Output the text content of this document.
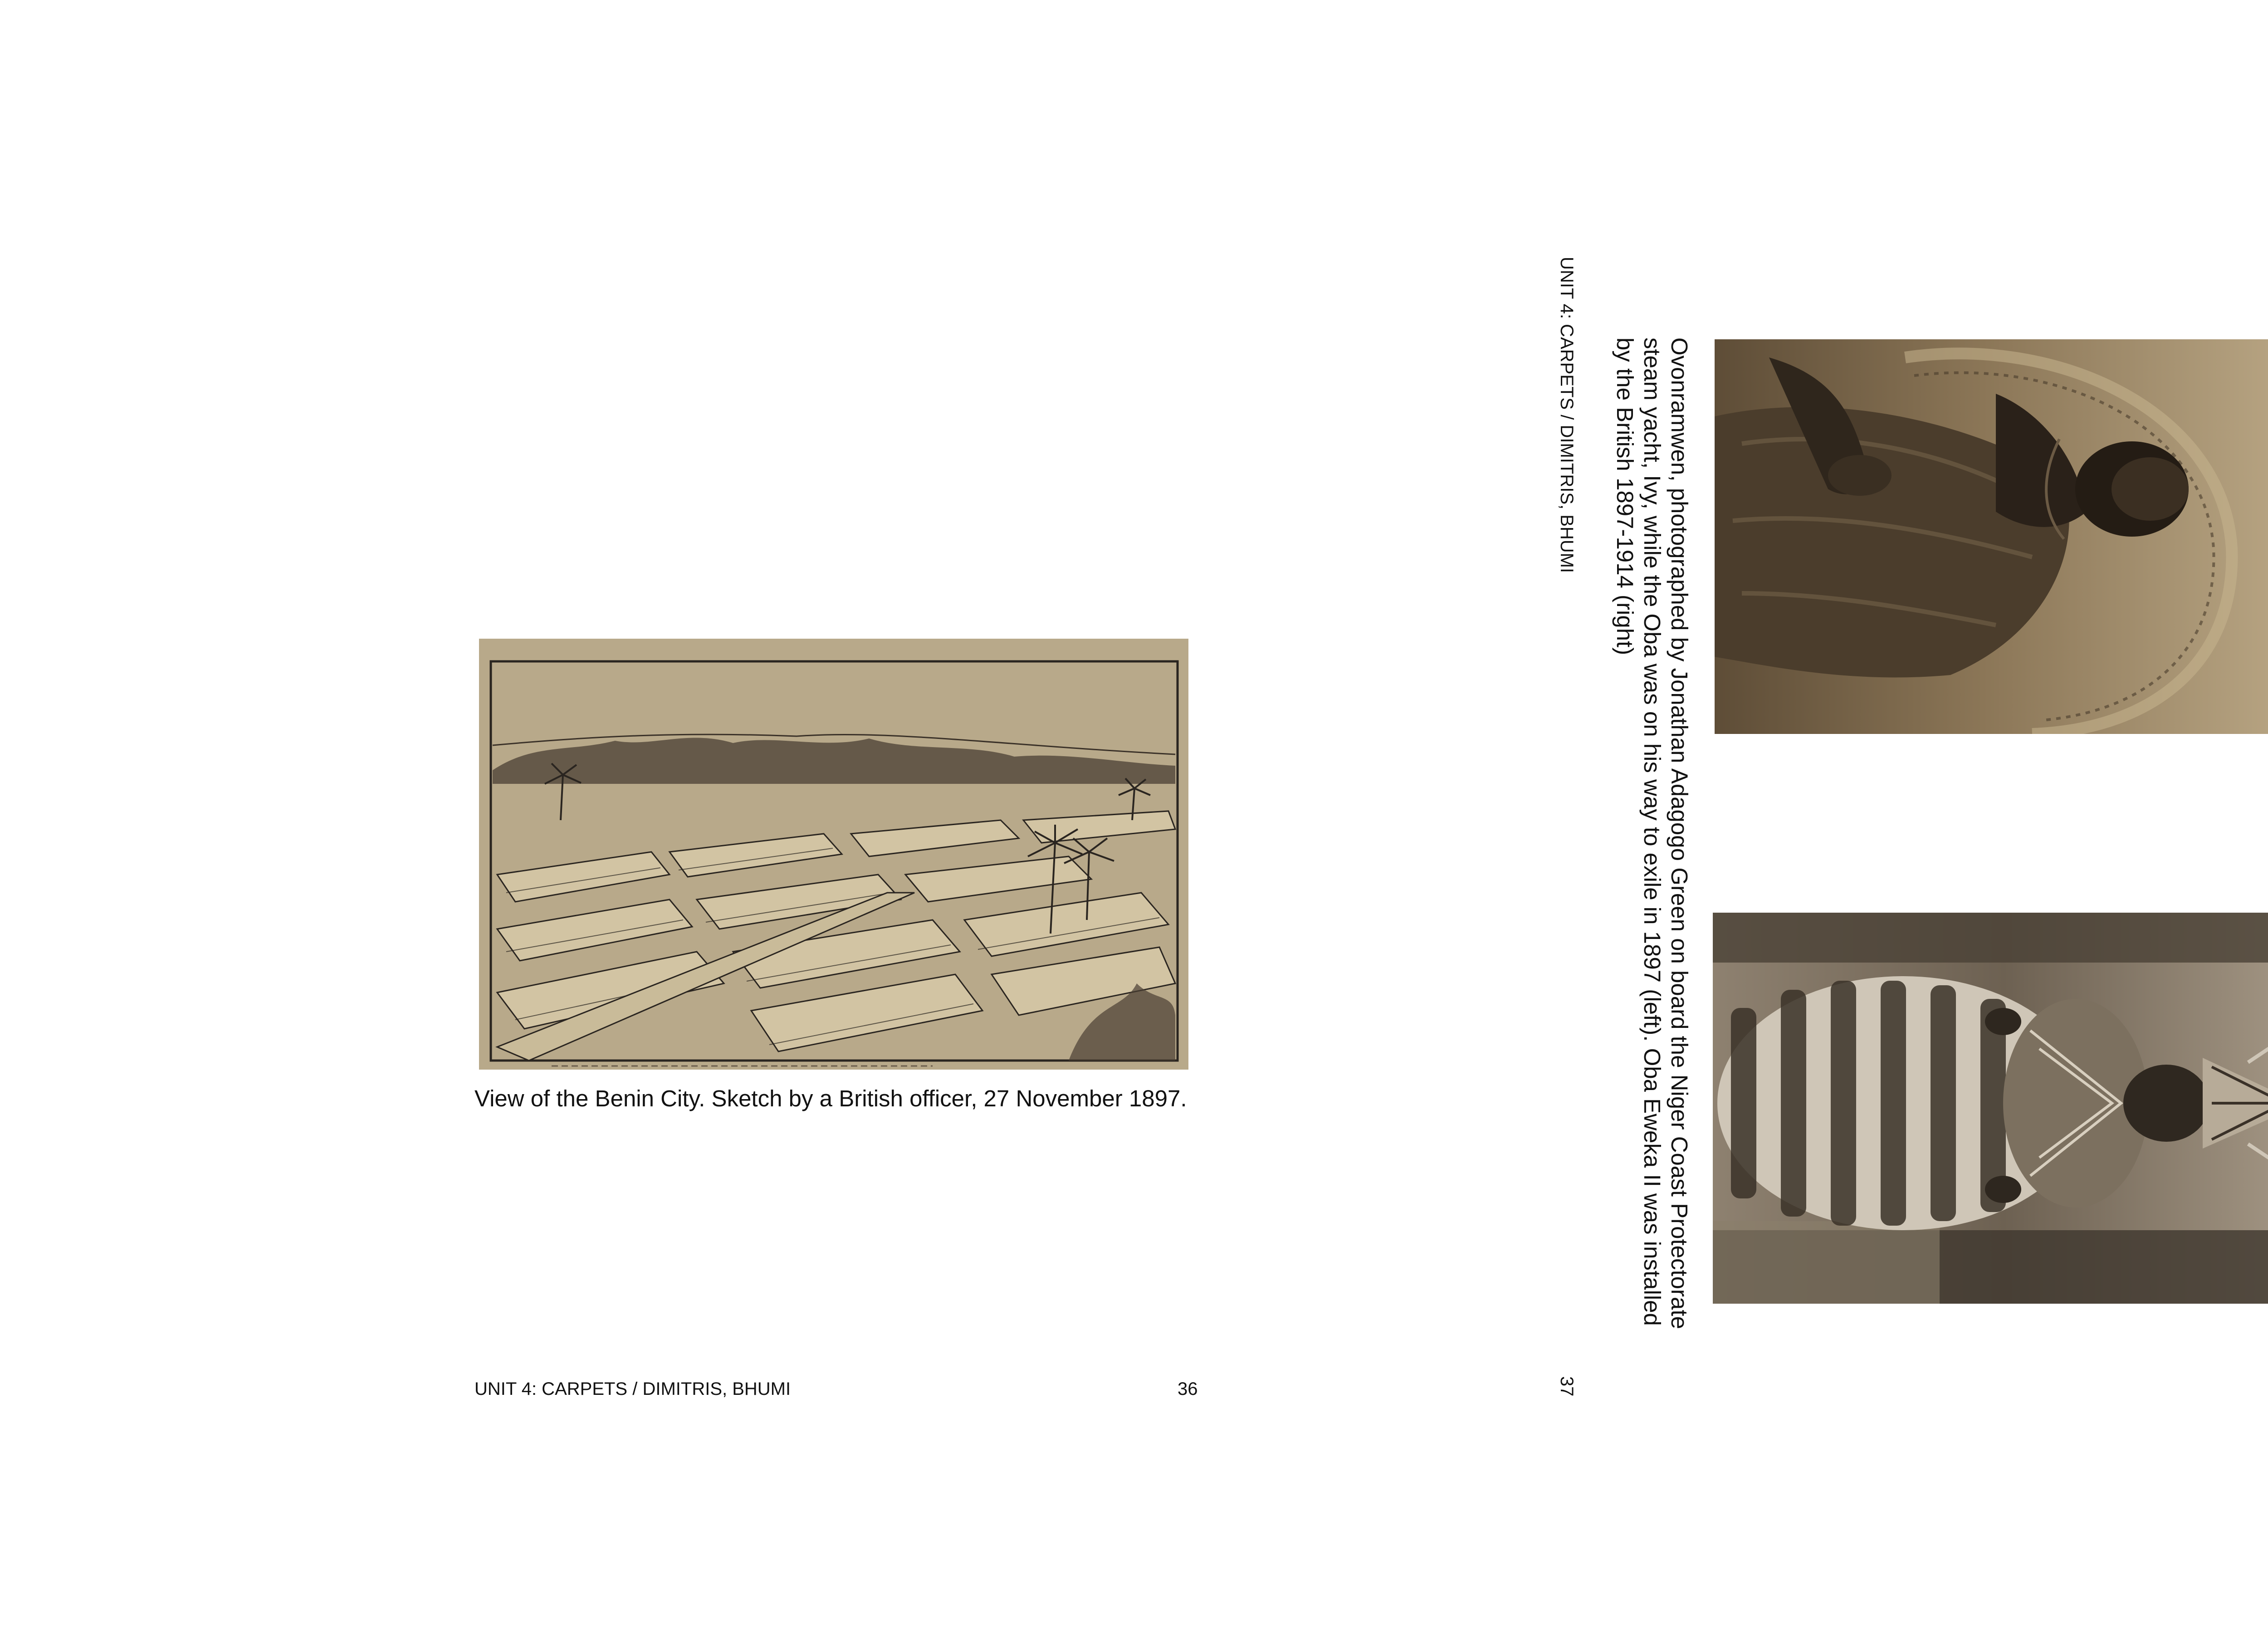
View of the Benin City. Sketch by a British officer, 27 November 1897.
UNIT 4: CARPETS / DIMITRIS, BHUMI	36
UNIT 4: CARPETS / DIMITRIS, BHUMI
37
Ovonramwen, photographed by Jonathan Adagogo Green on board the Niger Coast Protectorate
steam yacht, Ivy, while the Oba was on his way to exile in 1897 (left). Oba Eweka II was installed
by the British 1897-1914 (right)
